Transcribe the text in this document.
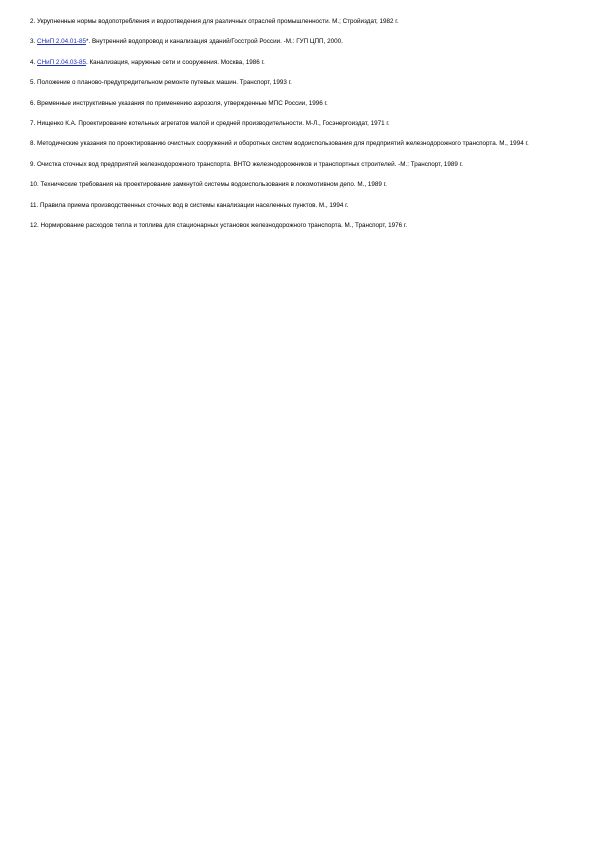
2. Укрупненные нормы водопотребления и водоотведения для различных отраслей промышленности. М.; Стройиздат, 1982 г.
3. СНиП 2.04.01-85*. Внутренний водопровод и канализация зданий/Госстрой России. -М.: ГУП ЦПП, 2000.
4. СНиП 2.04.03-85. Канализация, наружные сети и сооружения. Москва, 1986 г.
5. Положение о планово-предупредительном ремонте путевых машин. Транспорт, 1993 г.
6. Временные инструктивные указания по применению аэрозоля, утвержденные МПС России, 1996 г.
7. Нищенко К.А. Проектирование котельных агрегатов малой и средней производительности. М-Л., Госэнергоиздат, 1971 г.
8. Методические указания по проектированию очистных сооружений и оборотных систем водоиспользования для предприятий железнодорожного транспорта. М., 1994 г.
9. Очистка сточных вод предприятий железнодорожного транспорта. ВНТО железнодорожников и транспортных строителей. -М.: Транспорт, 1989 г.
10. Технические требования на проектирование замкнутой системы водоиспользования в локомотивном депо. М., 1989 г.
11. Правила приема производственных сточных вод в системы канализации населенных пунктов. М., 1994 г.
12. Нормирование расходов тепла и топлива для стационарных установок железнодорожного транспорта. М., Транспорт, 1976 г.
